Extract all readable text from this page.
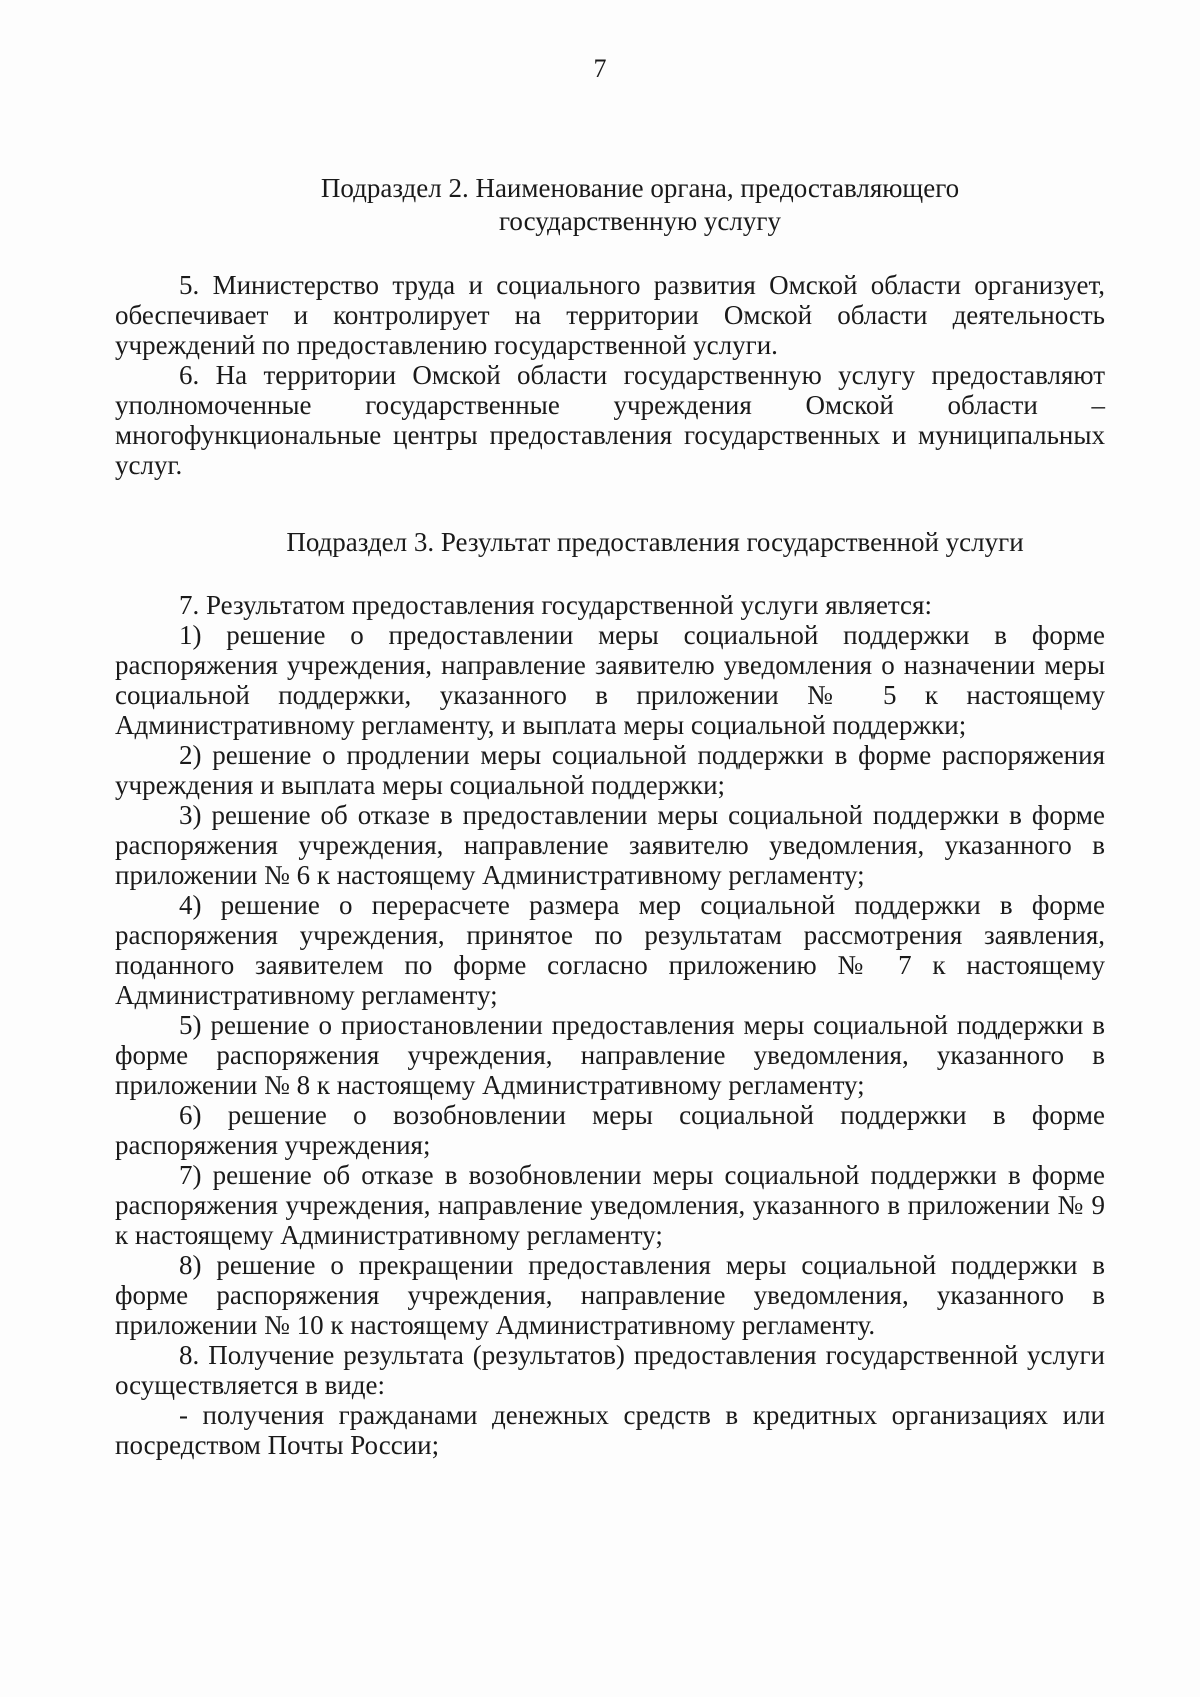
7
Подраздел 2. Наименование органа, предоставляющего
государственную услугу

5. Министерство труда и социального развития Омской области организует, обеспечивает и контролирует на территории Омской области деятельность учреждений по предоставлению государственной услуги.

6. На территории Омской области государственную услугу предоставляют уполномоченные государственные учреждения Омской области – многофункциональные центры предоставления государственных и муниципальных услуг.

Подраздел 3. Результат предоставления государственной услуги

7. Результатом предоставления государственной услуги является:

1) решение о предоставлении меры социальной поддержки в форме распоряжения учреждения, направление заявителю уведомления о назначении меры социальной поддержки, указанного в приложении № 5 к настоящему Административному регламенту, и выплата меры социальной поддержки;

2) решение о продлении меры социальной поддержки в форме распоряжения учреждения и выплата меры социальной поддержки;

3) решение об отказе в предоставлении меры социальной поддержки в форме распоряжения учреждения, направление заявителю уведомления, указанного в приложении № 6 к настоящему Административному регламенту;

4) решение о перерасчете размера мер социальной поддержки в форме распоряжения учреждения, принятое по результатам рассмотрения заявления, поданного заявителем по форме согласно приложению № 7 к настоящему Административному регламенту;

5) решение о приостановлении предоставления меры социальной поддержки в форме распоряжения учреждения, направление уведомления, указанного в приложении № 8 к настоящему Административному регламенту;

6) решение о возобновлении меры социальной поддержки в форме распоряжения учреждения;

7) решение об отказе в возобновлении меры социальной поддержки в форме распоряжения учреждения, направление уведомления, указанного в приложении № 9 к настоящему Административному регламенту;

8) решение о прекращении предоставления меры социальной поддержки в форме распоряжения учреждения, направление уведомления, указанного в приложении № 10 к настоящему Административному регламенту.

8. Получение результата (результатов) предоставления государственной услуги осуществляется в виде:

- получения гражданами денежных средств в кредитных организациях или посредством Почты России;
